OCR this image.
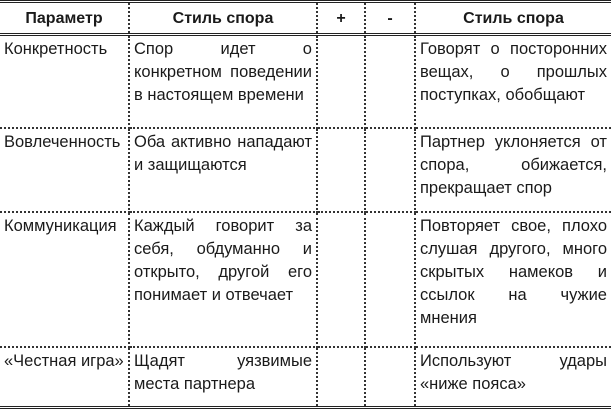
Параметр	Стиль спора	+	-	Стиль спора
Конкретность	Спор идет о конкретном поведении в настоящем времени			Говорят о посторонних вещах, о прошлых поступках, обобщают
Вовлеченность	Оба активно нападают и защищаются			Партнер уклоняется от спора, обижается, прекращает спор
Коммуникация	Каждый говорит за себя, обдуманно и открыто, другой его понимает и отвечает			Повторяет свое, плохо слушая другого, много скрытых намеков и ссылок на чужие мнения
«Честная игра»	Щадят уязвимые места партнера			Используют удары «ниже пояса»
